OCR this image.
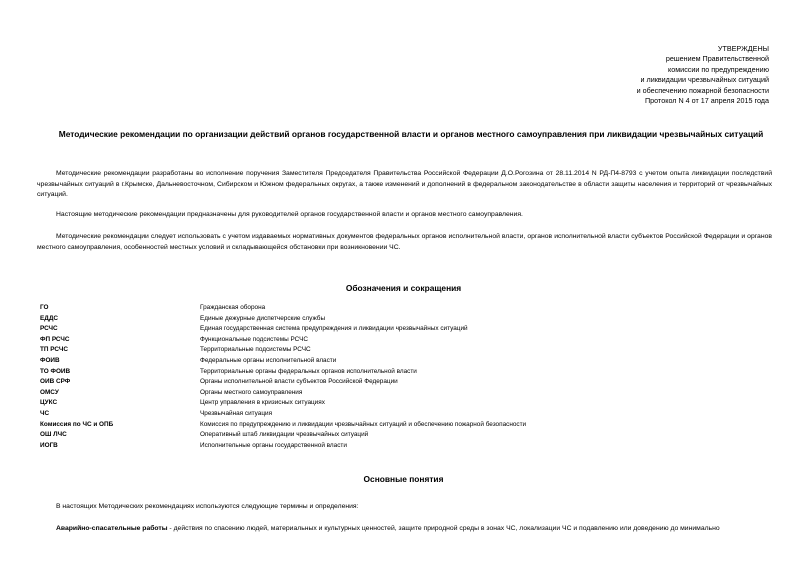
УТВЕРЖДЕНЫ
решением Правительственной
комиссии по предупреждению
и ликвидации чрезвычайных ситуаций
и обеспечению пожарной безопасности
Протокол N 4 от 17 апреля 2015 года
Методические рекомендации по организации действий органов государственной власти и органов местного самоуправления при ликвидации чрезвычайных ситуаций
Методические рекомендации разработаны во исполнение поручения Заместителя Председателя Правительства Российской Федерации Д.О.Рогозина от 28.11.2014 N РД-П4-8793 с учетом опыта ликвидации последствий чрезвычайных ситуаций в г.Крымске, Дальневосточном, Сибирском и Южном федеральных округах, а также изменений и дополнений в федеральном законодательстве в области защиты населения и территорий от чрезвычайных ситуаций.
Настоящие методические рекомендации предназначены для руководителей органов государственной власти и органов местного самоуправления.
Методические рекомендации следует использовать с учетом издаваемых нормативных документов федеральных органов исполнительной власти, органов исполнительной власти субъектов Российской Федерации и органов местного самоуправления, особенностей местных условий и складывающейся обстановки при возникновении ЧС.
Обозначения и сокращения
ГО	Гражданская оборона
ЕДДС	Единые дежурные диспетчерские службы
РСЧС	Единая государственная система предупреждения и ликвидации чрезвычайных ситуаций
ФП РСЧС	Функциональные подсистемы РСЧС
ТП РСЧС	Территориальные подсистемы РСЧС
ФОИВ	Федеральные органы исполнительной власти
ТО ФОИВ	Территориальные органы федеральных органов исполнительной власти
ОИВ СРФ	Органы исполнительной власти субъектов Российской Федерации
ОМСУ	Органы местного самоуправления
ЦУКС	Центр управления в кризисных ситуациях
ЧС	Чрезвычайная ситуация
Комиссия по ЧС и ОПБ	Комиссия по предупреждению и ликвидации чрезвычайных ситуаций и обеспечению пожарной безопасности
ОШ ЛЧС	Оперативный штаб ликвидации чрезвычайных ситуаций
ИОГВ	Исполнительные органы государственной власти
Основные понятия
В настоящих Методических рекомендациях используются следующие термины и определения:
Аварийно-спасательные работы - действия по спасению людей, материальных и культурных ценностей, защите природной среды в зонах ЧС, локализации ЧС и подавлению или доведению до минимально
